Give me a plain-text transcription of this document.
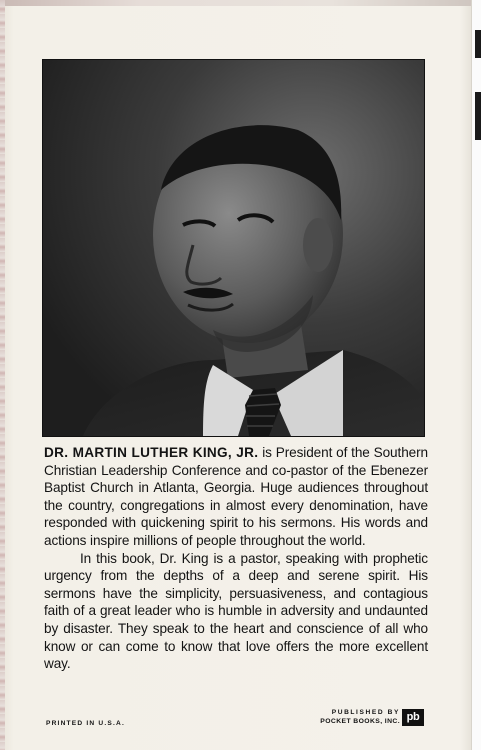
DR. MARTIN LUTHER KING, JR. is President of the Southern Christian Leadership Conference and co-pastor of the Ebenezer Baptist Church in Atlanta, Georgia. Huge audiences throughout the country, congregations in almost every denomination, have responded with quickening spirit to his sermons. His words and actions inspire millions of people throughout the world.

In this book, Dr. King is a pastor, speaking with prophetic urgency from the depths of a deep and serene spirit. His sermons have the simplicity, persuasiveness, and contagious faith of a great leader who is humble in adversity and undaunted by disaster. They speak to the heart and conscience of all who know or can come to know that love offers the more excellent way.

PRINTED IN U.S.A.
PUBLISHED BY
POCKET BOOKS, INC. pb
